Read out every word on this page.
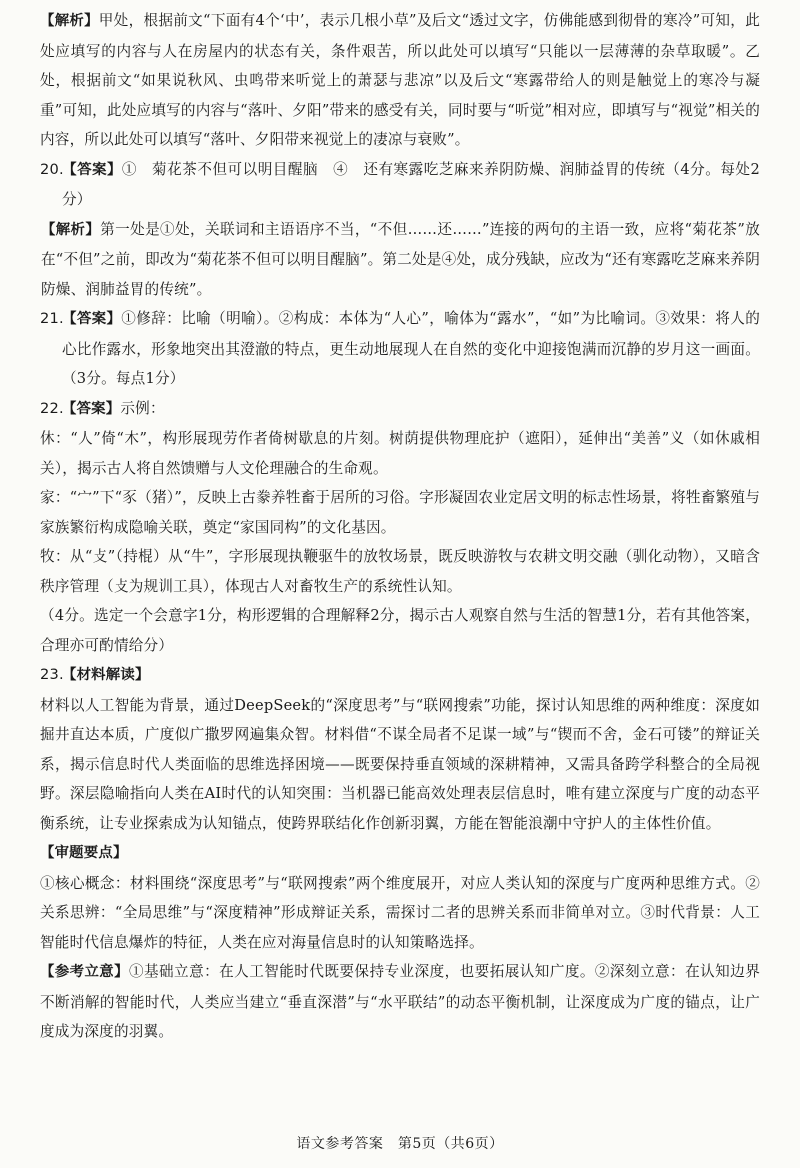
【解析】甲处，根据前文“下面有4个‘中’，表示几根小草”及后文“透过文字，仿佛能感到彻骨的寒冷”可知，此处应填写的内容与人在房屋内的状态有关，条件艰苦，所以此处可以填写“只能以一层薄薄的杂草取暖”。乙处，根据前文“如果说秋风、虫鸣带来听觉上的萧瑟与悲凉”以及后文“寒露带给人的则是触觉上的寒冷与凝重”可知，此处应填写的内容与“落叶、夕阳”带来的感受有关，同时要与“听觉”相对应，即填写与“视觉”相关的内容，所以此处可以填写“落叶、夕阳带来视觉上的凄凉与衰败”。

20.【答案】①　菊花茶不但可以明目醒脑　④　还有寒露吃芝麻来养阴防燥、润肺益胃的传统（4分。每处2分）

【解析】第一处是①处，关联词和主语语序不当，“不但……还……”连接的两句的主语一致，应将“菊花茶”放在“不但”之前，即改为“菊花茶不但可以明目醒脑”。第二处是④处，成分残缺，应改为“还有寒露吃芝麻来养阴防燥、润肺益胃的传统”。

21.【答案】①修辞：比喻（明喻）。②构成：本体为“人心”，喻体为“露水”，“如”为比喻词。③效果：将人的心比作露水，形象地突出其澄澈的特点，更生动地展现人在自然的变化中迎接饱满而沉静的岁月这一画面。（3分。每点1分）

22.【答案】示例：

休：“人”倚“木”，构形展现劳作者倚树歇息的片刻。树荫提供物理庇护（遮阳），延伸出“美善”义（如休戚相关），揭示古人将自然馈赠与人文伦理融合的生命观。

家：“宀”下“豕（猪）”，反映上古豢养牲畜于居所的习俗。字形凝固农业定居文明的标志性场景，将牲畜繁殖与家族繁衍构成隐喻关联，奠定“家国同构”的文化基因。

牧：从“攴”（持棍）从“牛”，字形展现执鞭驱牛的放牧场景，既反映游牧与农耕文明交融（驯化动物），又暗含秩序管理（攴为规训工具），体现古人对畜牧生产的系统性认知。

（4分。选定一个会意字1分，构形逻辑的合理解释2分，揭示古人观察自然与生活的智慧1分，若有其他答案，合理亦可酌情给分）

23.【材料解读】

材料以人工智能为背景，通过DeepSeek的“深度思考”与“联网搜索”功能，探讨认知思维的两种维度：深度如掘井直达本质，广度似广撒罗网遍集众智。材料借“不谋全局者不足谋一域”与“锲而不舍，金石可镂”的辩证关系，揭示信息时代人类面临的思维选择困境——既要保持垂直领域的深耕精神，又需具备跨学科整合的全局视野。深层隐喻指向人类在AI时代的认知突围：当机器已能高效处理表层信息时，唯有建立深度与广度的动态平衡系统，让专业探索成为认知锚点，使跨界联结化作创新羽翼，方能在智能浪潮中守护人的主体性价值。

【审题要点】

①核心概念：材料围绕“深度思考”与“联网搜索”两个维度展开，对应人类认知的深度与广度两种思维方式。②关系思辨：“全局思维”与“深度精神”形成辩证关系，需探讨二者的思辨关系而非简单对立。③时代背景：人工智能时代信息爆炸的特征，人类在应对海量信息时的认知策略选择。

【参考立意】①基础立意：在人工智能时代既要保持专业深度，也要拓展认知广度。②深刻立意：在认知边界不断消解的智能时代，人类应当建立“垂直深潜”与“水平联结”的动态平衡机制，让深度成为广度的锚点，让广度成为深度的羽翼。

语文参考答案　第5页（共6页）
